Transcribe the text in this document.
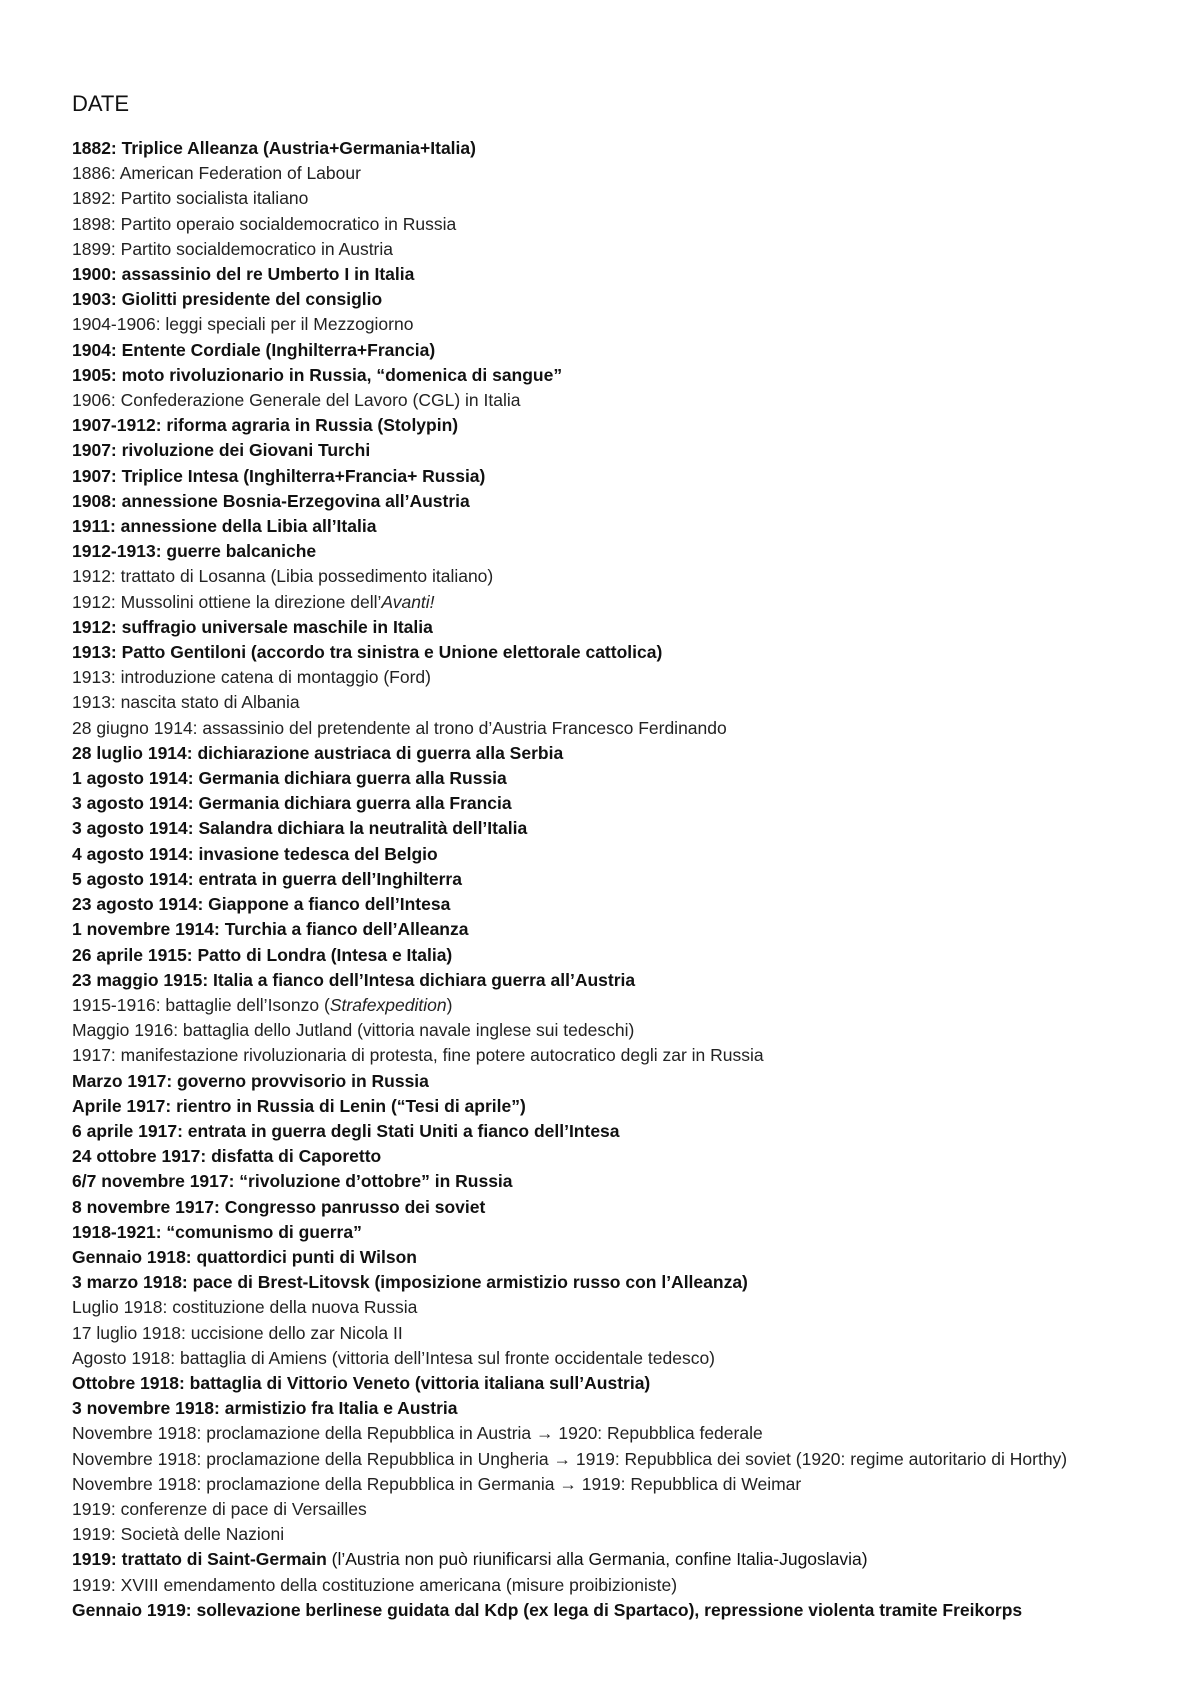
DATE

1882: Triplice Alleanza (Austria+Germania+Italia)

1886: American Federation of Labour

1892: Partito socialista italiano

1898: Partito operaio socialdemocratico in Russia

1899: Partito socialdemocratico in Austria

1900: assassinio del re Umberto I in Italia

1903: Giolitti presidente del consiglio

1904-1906: leggi speciali per il Mezzogiorno

1904: Entente Cordiale (Inghilterra+Francia)

1905: moto rivoluzionario in Russia, “domenica di sangue”

1906: Confederazione Generale del Lavoro (CGL) in Italia

1907-1912: riforma agraria in Russia (Stolypin)

1907: rivoluzione dei Giovani Turchi

1907: Triplice Intesa (Inghilterra+Francia+ Russia)

1908: annessione Bosnia-Erzegovina all’Austria

1911: annessione della Libia all’Italia

1912-1913: guerre balcaniche

1912: trattato di Losanna (Libia possedimento italiano)

1912: Mussolini ottiene la direzione dell’Avanti!

1912: suffragio universale maschile in Italia

1913: Patto Gentiloni (accordo tra sinistra e Unione elettorale cattolica)

1913: introduzione catena di montaggio (Ford)

1913: nascita stato di Albania

28 giugno 1914: assassinio del pretendente al trono d’Austria Francesco Ferdinando

28 luglio 1914: dichiarazione austriaca di guerra alla Serbia

1 agosto 1914: Germania dichiara guerra alla Russia

3 agosto 1914: Germania dichiara guerra alla Francia

3 agosto 1914: Salandra dichiara la neutralità dell’Italia

4 agosto 1914: invasione tedesca del Belgio

5 agosto 1914: entrata in guerra dell’Inghilterra

23 agosto 1914: Giappone a fianco dell’Intesa

1 novembre 1914: Turchia a fianco dell’Alleanza

26 aprile 1915: Patto di Londra (Intesa e Italia)

23 maggio 1915: Italia a fianco dell’Intesa dichiara guerra all’Austria

1915-1916: battaglie dell’Isonzo (Strafexpedition)

Maggio 1916: battaglia dello Jutland (vittoria navale inglese sui tedeschi)

1917: manifestazione rivoluzionaria di protesta, fine potere autocratico degli zar in Russia

Marzo 1917: governo provvisorio in Russia

Aprile 1917: rientro in Russia di Lenin (“Tesi di aprile”)

6 aprile 1917: entrata in guerra degli Stati Uniti a fianco dell’Intesa

24 ottobre 1917: disfatta di Caporetto

6/7 novembre 1917: “rivoluzione d’ottobre” in Russia

8 novembre 1917: Congresso panrusso dei soviet

1918-1921: “comunismo di guerra”

Gennaio 1918: quattordici punti di Wilson

3 marzo 1918: pace di Brest-Litovsk (imposizione armistizio russo con l’Alleanza)

Luglio 1918: costituzione della nuova Russia

17 luglio 1918: uccisione dello zar Nicola II

Agosto 1918: battaglia di Amiens (vittoria dell’Intesa sul fronte occidentale tedesco)

Ottobre 1918: battaglia di Vittorio Veneto (vittoria italiana sull’Austria)

3 novembre 1918: armistizio fra Italia e Austria

Novembre 1918: proclamazione della Repubblica in Austria → 1920: Repubblica federale

Novembre 1918: proclamazione della Repubblica in Ungheria → 1919: Repubblica dei soviet (1920: regime autoritario di Horthy)

Novembre 1918: proclamazione della Repubblica in Germania → 1919: Repubblica di Weimar

1919: conferenze di pace di Versailles

1919: Società delle Nazioni

1919: trattato di Saint-Germain (l’Austria non può riunificarsi alla Germania, confine Italia-Jugoslavia)

1919: XVIII emendamento della costituzione americana (misure proibizioniste)

Gennaio 1919: sollevazione berlinese guidata dal Kdp (ex lega di Spartaco), repressione violenta tramite Freikorps
